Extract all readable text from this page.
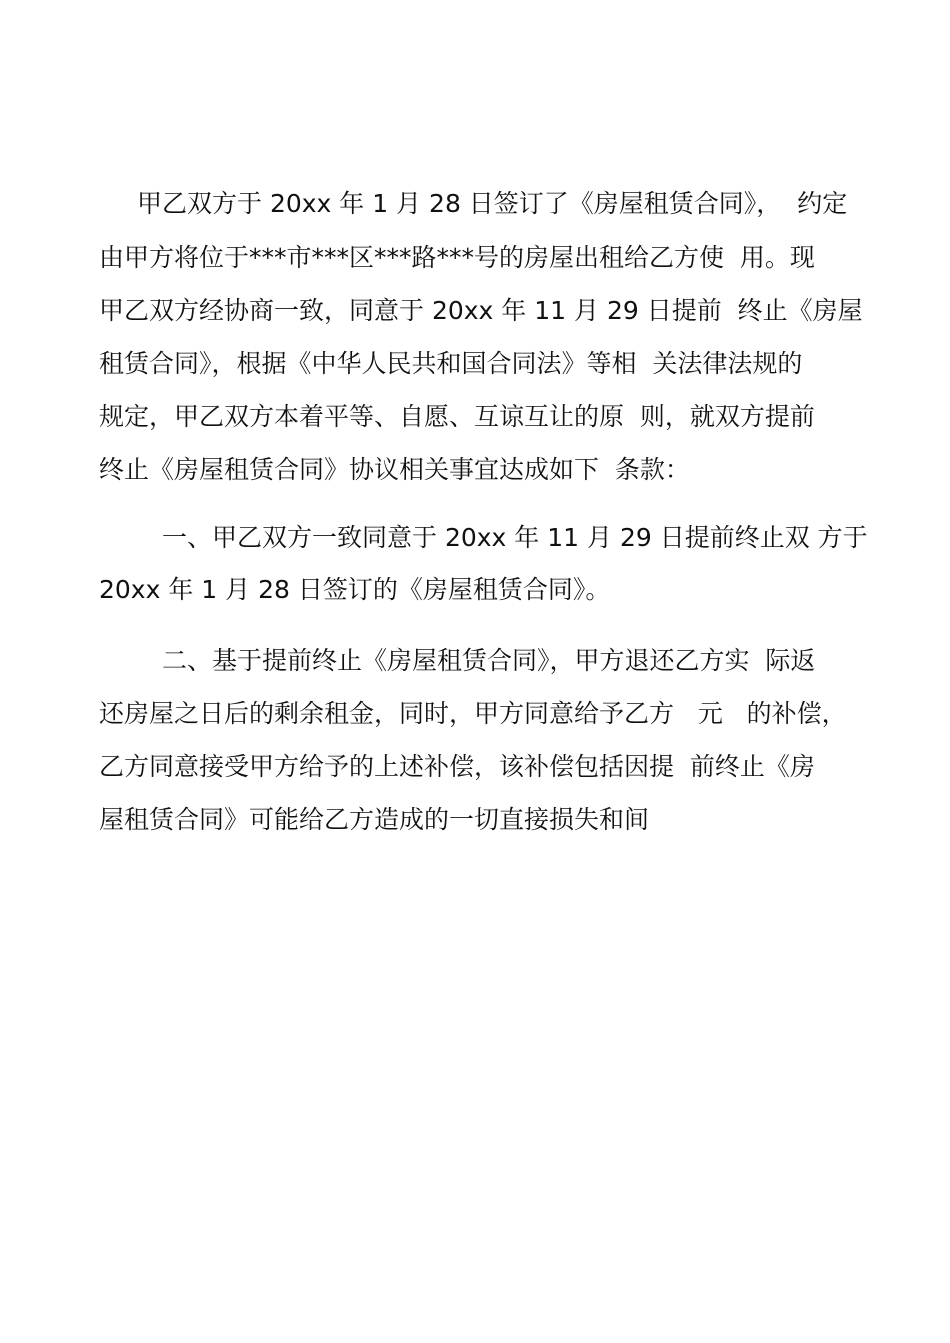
甲乙双方于 20xx 年 1 月 28 日签订了《房屋租赁合同》，  约定
由甲方将位于***市***区***路***号的房屋出租给乙方使  用。现
甲乙双方经协商一致，同意于 20xx 年 11 月 29 日提前  终止《房屋
租赁合同》，根据《中华人民共和国合同法》等相  关法律法规的
规定，甲乙双方本着平等、自愿、互谅互让的原  则，就双方提前
终止《房屋租赁合同》协议相关事宜达成如下  条款：
一、甲乙双方一致同意于 20xx 年 11 月 29 日提前终止双 方于
20xx 年 1 月 28 日签订的《房屋租赁合同》。
二、基于提前终止《房屋租赁合同》，甲方退还乙方实  际返
还房屋之日后的剩余租金，同时，甲方同意给予乙方   元   的补偿，
乙方同意接受甲方给予的上述补偿，该补偿包括因提  前终止《房
屋租赁合同》可能给乙方造成的一切直接损失和间
